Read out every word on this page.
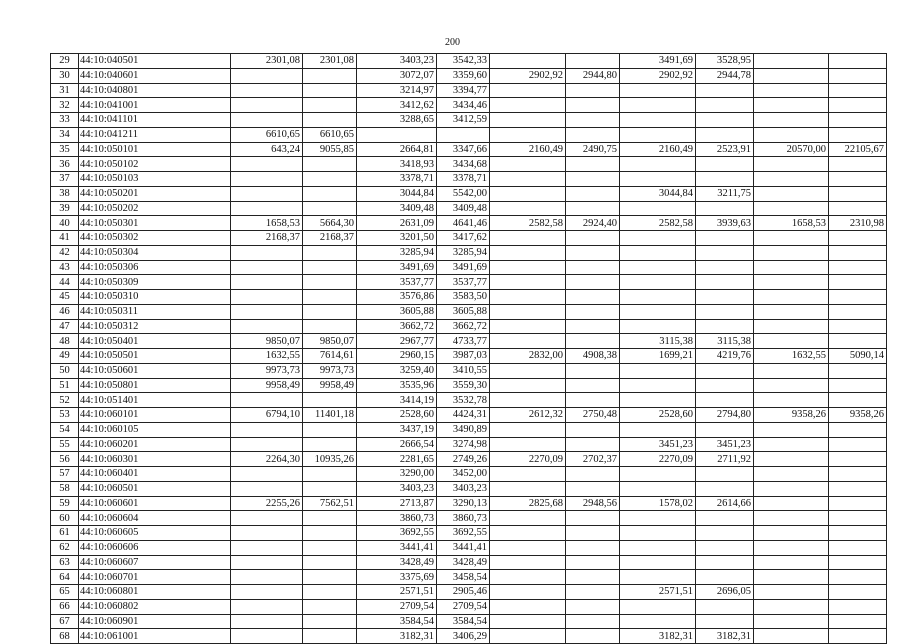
200
29	44:10:040501	2301,08	2301,08	3403,23	3542,33			3491,69	3528,95		
30	44:10:040601			3072,07	3359,60	2902,92	2944,80	2902,92	2944,78		
31	44:10:040801			3214,97	3394,77						
32	44:10:041001			3412,62	3434,46						
33	44:10:041101			3288,65	3412,59						
34	44:10:041211	6610,65	6610,65								
35	44:10:050101	643,24	9055,85	2664,81	3347,66	2160,49	2490,75	2160,49	2523,91	20570,00	22105,67
36	44:10:050102			3418,93	3434,68						
37	44:10:050103			3378,71	3378,71						
38	44:10:050201			3044,84	5542,00			3044,84	3211,75		
39	44:10:050202			3409,48	3409,48						
40	44:10:050301	1658,53	5664,30	2631,09	4641,46	2582,58	2924,40	2582,58	3939,63	1658,53	2310,98
41	44:10:050302	2168,37	2168,37	3201,50	3417,62						
42	44:10:050304			3285,94	3285,94						
43	44:10:050306			3491,69	3491,69						
44	44:10:050309			3537,77	3537,77						
45	44:10:050310			3576,86	3583,50						
46	44:10:050311			3605,88	3605,88						
47	44:10:050312			3662,72	3662,72						
48	44:10:050401	9850,07	9850,07	2967,77	4733,77			3115,38	3115,38		
49	44:10:050501	1632,55	7614,61	2960,15	3987,03	2832,00	4908,38	1699,21	4219,76	1632,55	5090,14
50	44:10:050601	9973,73	9973,73	3259,40	3410,55						
51	44:10:050801	9958,49	9958,49	3535,96	3559,30						
52	44:10:051401			3414,19	3532,78						
53	44:10:060101	6794,10	11401,18	2528,60	4424,31	2612,32	2750,48	2528,60	2794,80	9358,26	9358,26
54	44:10:060105			3437,19	3490,89						
55	44:10:060201			2666,54	3274,98			3451,23	3451,23		
56	44:10:060301	2264,30	10935,26	2281,65	2749,26	2270,09	2702,37	2270,09	2711,92		
57	44:10:060401			3290,00	3452,00						
58	44:10:060501			3403,23	3403,23						
59	44:10:060601	2255,26	7562,51	2713,87	3290,13	2825,68	2948,56	1578,02	2614,66		
60	44:10:060604			3860,73	3860,73						
61	44:10:060605			3692,55	3692,55						
62	44:10:060606			3441,41	3441,41						
63	44:10:060607			3428,49	3428,49						
64	44:10:060701			3375,69	3458,54						
65	44:10:060801			2571,51	2905,46			2571,51	2696,05		
66	44:10:060802			2709,54	2709,54						
67	44:10:060901			3584,54	3584,54						
68	44:10:061001			3182,31	3406,29			3182,31	3182,31		
